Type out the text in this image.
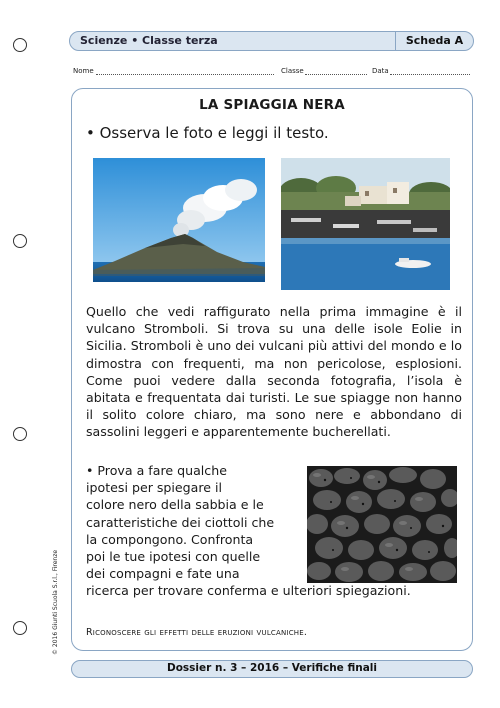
Scienze • Classe terza	Scheda A
Nome	Classe	Data
LA SPIAGGIA NERA
• Osserva le foto e leggi il testo.
Quello che vedi raffigurato nella prima immagine è il vulcano Stromboli. Si trova su una delle isole Eolie in Sicilia. Stromboli è uno dei vulcani più attivi del mondo e lo dimostra con frequenti, ma non pericolose, esplosioni. Come puoi vedere dalla seconda fotografia, l’isola è abitata e frequentata dai turisti. Le sue spiagge non hanno il solito colore chiaro, ma sono nere e abbondano di sassolini leggeri e apparentemente bucherellati.
• Prova a fare qualche
ipotesi per spiegare il
colore nero della sabbia e le
caratteristiche dei ciottoli che
la compongono. Confronta
poi le tue ipotesi con quelle
dei compagni e fate una
ricerca per trovare conferma e ulteriori spiegazioni.
Riconoscere gli effetti delle eruzioni vulcaniche.
Dossier n. 3 – 2016 – Verifiche finali
© 2016 Giunti Scuola S.r.l., Firenze
